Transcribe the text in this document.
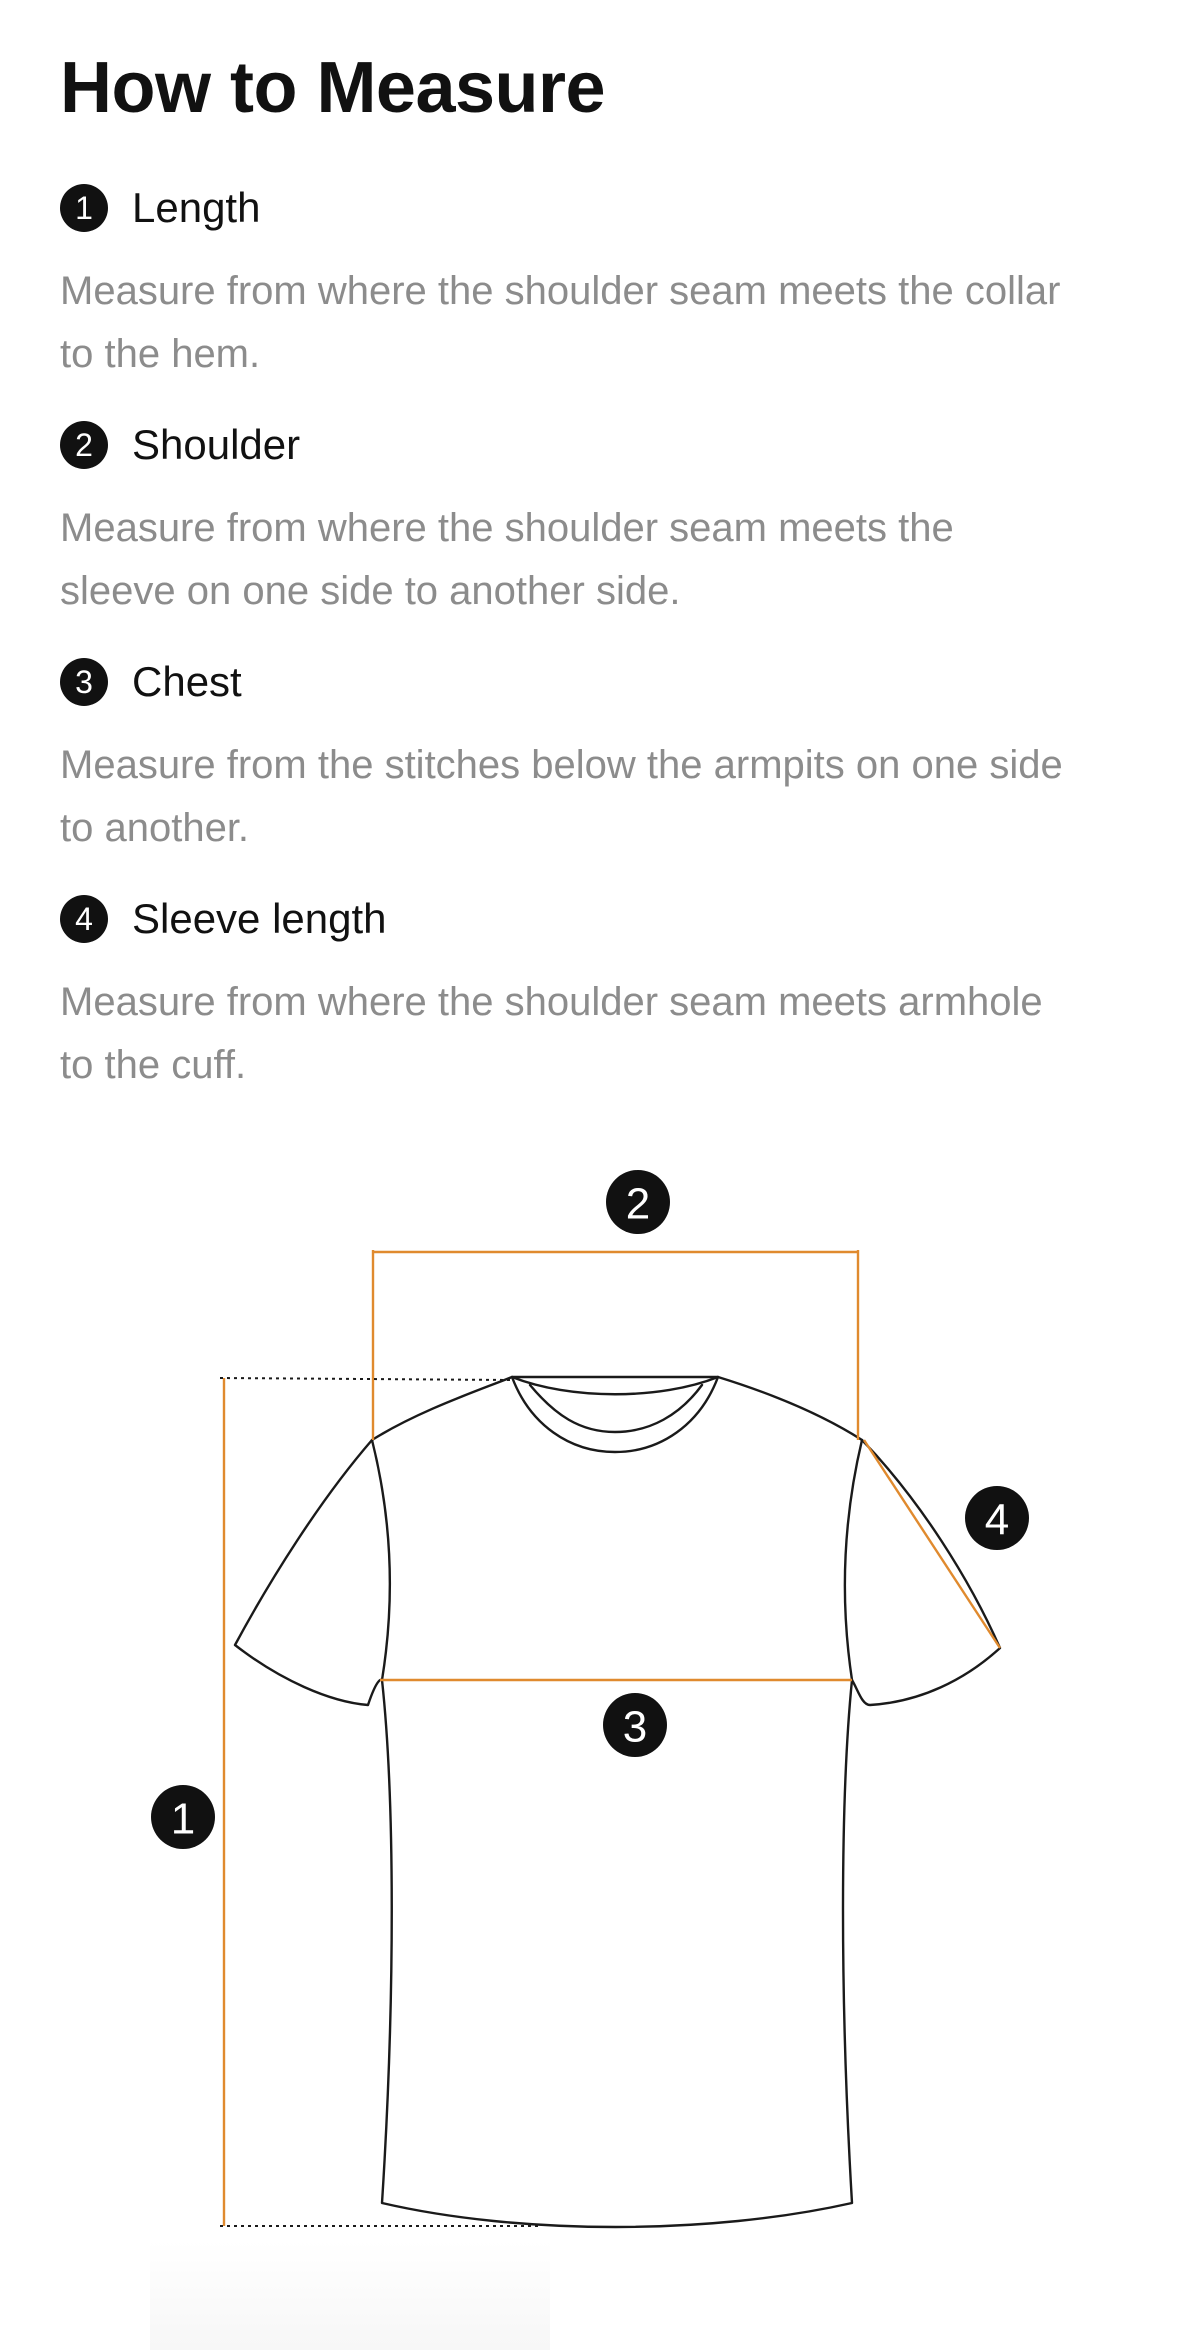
How to Measure
1 Length
Measure from where the shoulder seam meets the collar to the hem.
2 Shoulder
Measure from where the shoulder seam meets the sleeve on one side to another side.
3 Chest
Measure from the stitches below the armpits on one side to another.
4 Sleeve length
Measure from where the shoulder seam meets armhole to the cuff.
1
2
3
4
